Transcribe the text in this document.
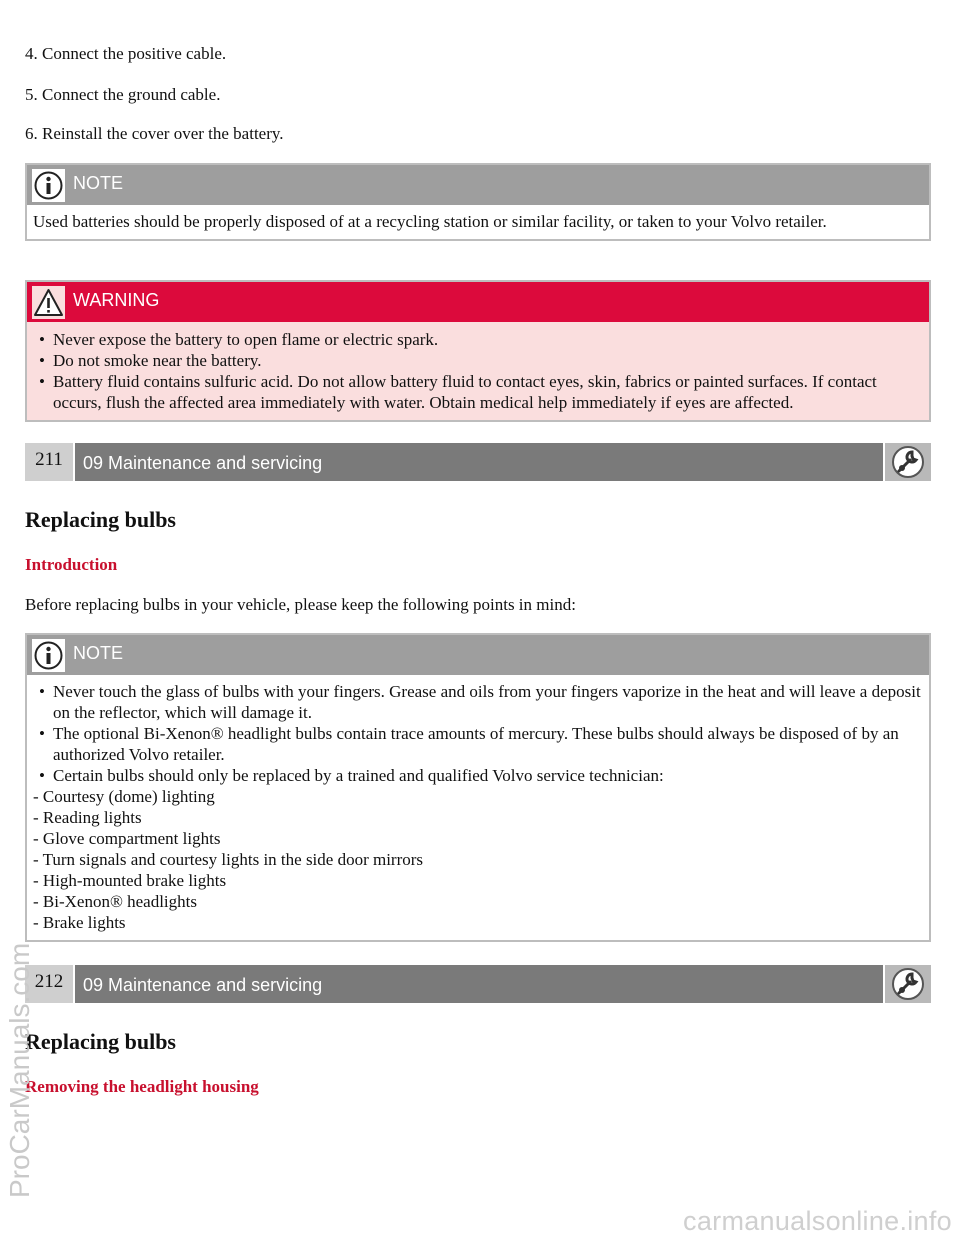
4. Connect the positive cable.

5. Connect the ground cable.

6. Reinstall the cover over the battery.

NOTE
Used batteries should be properly disposed of at a recycling station or similar facility, or taken to your Volvo retailer.
WARNING
• Never expose the battery to open flame or electric spark.
• Do not smoke near the battery.
• Battery fluid contains sulfuric acid. Do not allow battery fluid to contact eyes, skin, fabrics or painted surfaces. If contact occurs, flush the affected area immediately with water. Obtain medical help immediately if eyes are affected.
211	09 Maintenance and servicing
Replacing bulbs
Introduction

Before replacing bulbs in your vehicle, please keep the following points in mind:

NOTE
• Never touch the glass of bulbs with your fingers. Grease and oils from your fingers vaporize in the heat and will leave a deposit on the reflector, which will damage it.
• The optional Bi-Xenon® headlight bulbs contain trace amounts of mercury. These bulbs should always be disposed of by an authorized Volvo retailer.
• Certain bulbs should only be replaced by a trained and qualified Volvo service technician:
- Courtesy (dome) lighting
- Reading lights
- Glove compartment lights
- Turn signals and courtesy lights in the side door mirrors
- High-mounted brake lights
- Bi-Xenon® headlights
- Brake lights
212	09 Maintenance and servicing
Replacing bulbs
Removing the headlight housing
ProCarManuals.com
carmanualsonline.info
